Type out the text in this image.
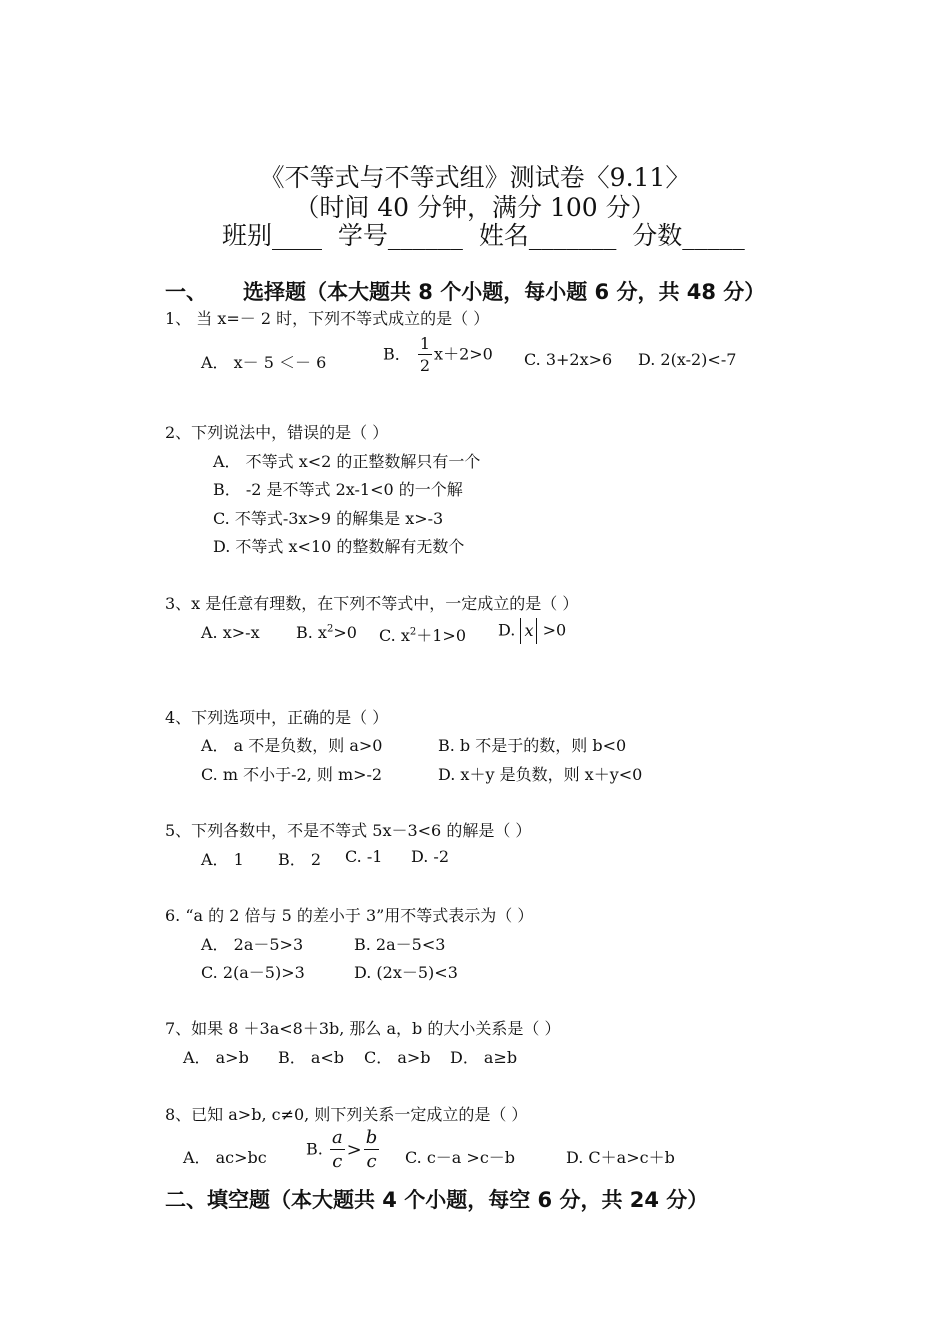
《不等式与不等式组》测试卷〈9.11〉
（时间 40 分钟，满分 100 分）
班别____ 学号______ 姓名_______ 分数_____
一、 选择题（本大题共 8 个小题，每小题 6 分，共 48 分）
1、 当 x=－ 2 时，下列不等式成立的是（ ）
A． x－ 5 ＜－ 6	B． $\frac{1}{2} x+2>0$ C. 3+2x>6 D. 2(x-2)<-7
2、下列说法中，错误的是（ ）
A． 不等式 x<2 的正整数解只有一个
B． -2 是不等式 2x-1<0 的一个解
C. 不等式-3x>9 的解集是 x>-3
D. 不等式 x<10 的整数解有无数个
3、x 是任意有理数，在下列不等式中，一定成立的是（ ）
A. x>-x B. $x^2>0$ C. $x^2+1>0$ D. x >0
4、下列选项中，正确的是（ ）
A． a 不是负数，则 a>0	B. b 不是于的数，则 b<0
C. m 不小于-2, 则 m>-2	D. x＋y 是负数，则 x＋y<0
5、下列各数中，不是不等式 5x－3<6 的解是（ ）
A． 1 B． 2 C. -1 D. -2
6. “a 的 2 倍与 5 的差小于 3”用不等式表示为（ ）
A． 2a－5>3	B. 2a－5<3
C. 2(a－5)>3	D. (2x－5)<3
7、如果 8 ＋3a<8＋3b, 那么 a，b 的大小关系是（ ）
A． a>b B． a<b C． a>b D． a≥b
8、已知 a>b, c≠0, 则下列关系一定成立的是（ ）
A． ac>bc B. $\frac{a}{c} > \frac{b}{c} C$. c－a >c－b	D. C＋a>c＋b
二、填空题（本大题共 4 个小题，每空 6 分，共 24 分）
